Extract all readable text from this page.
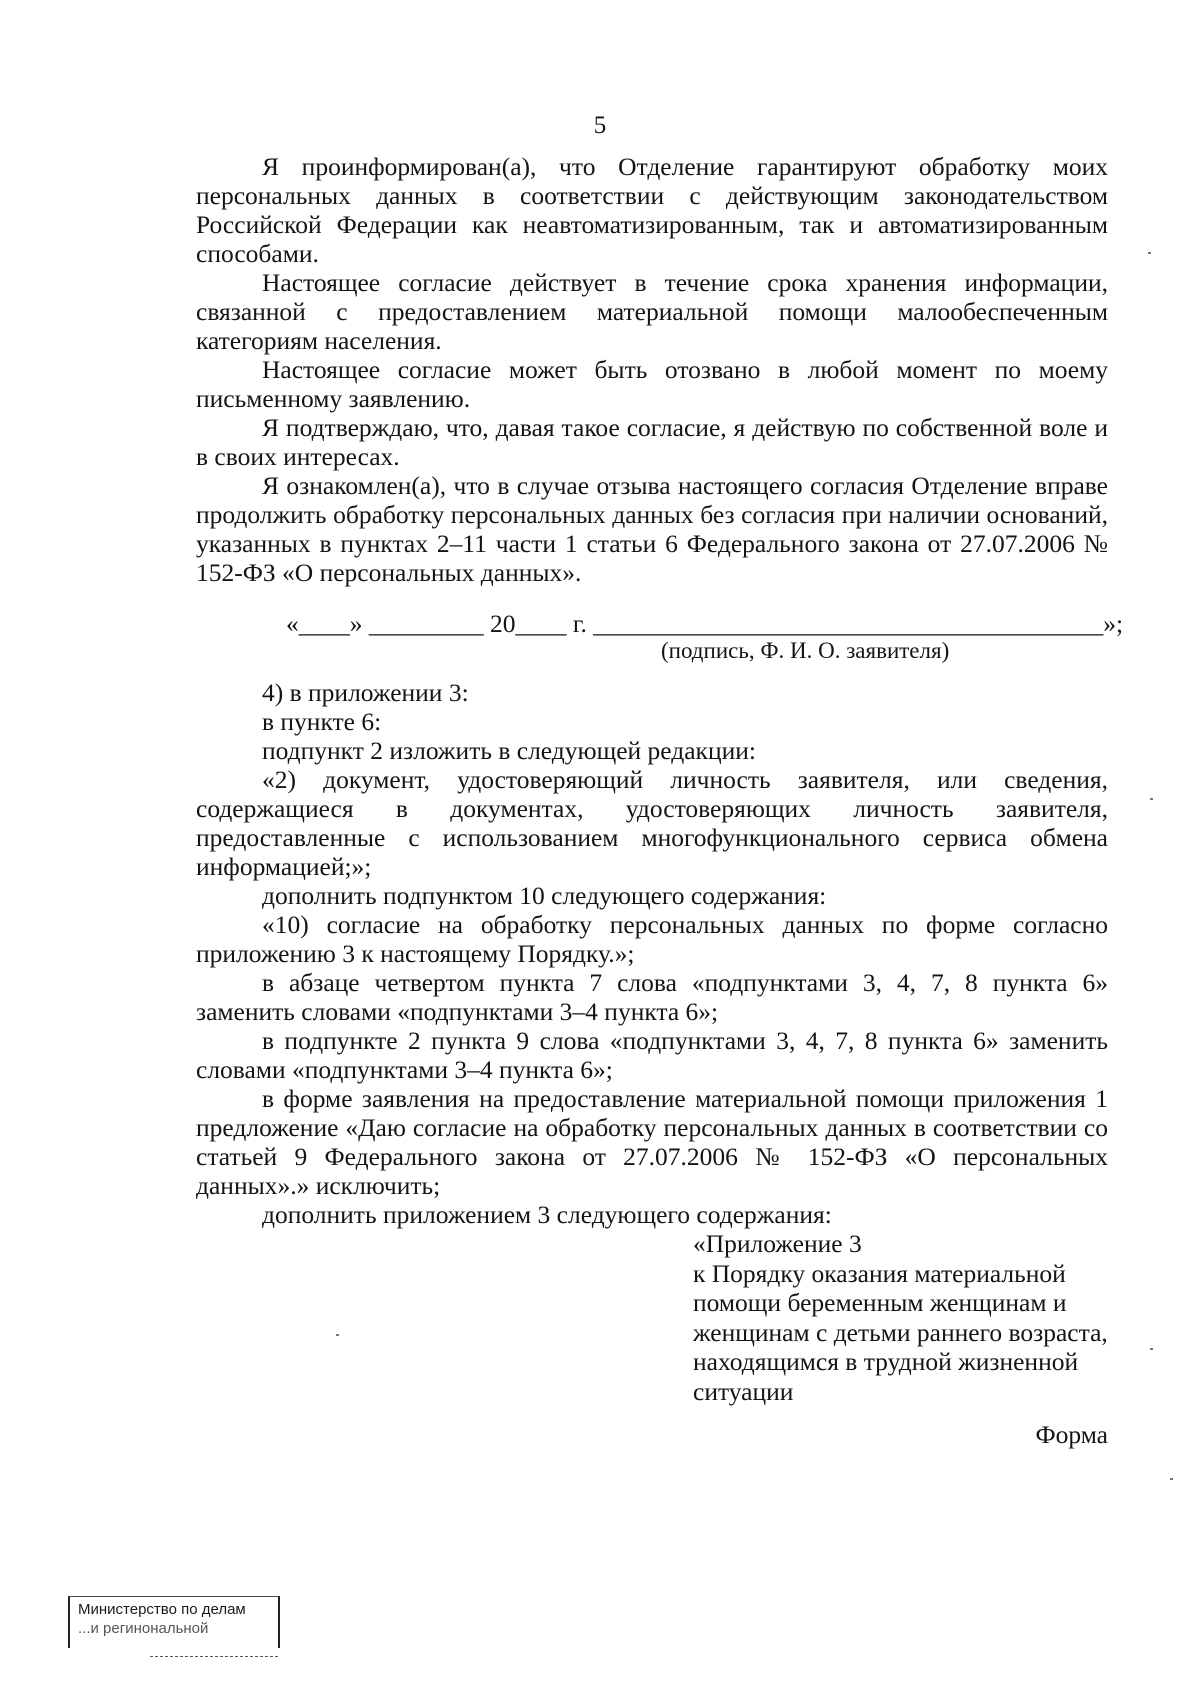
5

Я проинформирован(а), что Отделение гарантируют обработку моих персональных данных в соответствии с действующим законодательством Российской Федерации как неавтоматизированным, так и автоматизированным способами.

Настоящее согласие действует в течение срока хранения информации, связанной с предоставлением материальной помощи малообеспеченным категориям населения.

Настоящее согласие может быть отозвано в любой момент по моему письменному заявлению.

Я подтверждаю, что, давая такое согласие, я действую по собственной воле и в своих интересах.

Я ознакомлен(а), что в случае отзыва настоящего согласия Отделение вправе продолжить обработку персональных данных без согласия при наличии оснований, указанных в пунктах 2–11 части 1 статьи 6 Федерального закона от 27.07.2006 № 152-ФЗ «О персональных данных».

«____» _________ 20____ г. ________________________________________»;
(подпись, Ф. И. О. заявителя)

4) в приложении 3:

в пункте 6:

подпункт 2 изложить в следующей редакции:

«2) документ, удостоверяющий личность заявителя, или сведения, содержащиеся в документах, удостоверяющих личность заявителя, предоставленные с использованием многофункционального сервиса обмена информацией;»;

дополнить подпунктом 10 следующего содержания:

«10) согласие на обработку персональных данных по форме согласно приложению 3 к настоящему Порядку.»;

в абзаце четвертом пункта 7 слова «подпунктами 3, 4, 7, 8 пункта 6» заменить словами «подпунктами 3–4 пункта 6»;

в подпункте 2 пункта 9 слова «подпунктами 3, 4, 7, 8 пункта 6» заменить словами «подпунктами 3–4 пункта 6»;

в форме заявления на предоставление материальной помощи приложения 1 предложение «Даю согласие на обработку персональных данных в соответствии со статьей 9 Федерального закона от 27.07.2006 № 152-ФЗ «О персональных данных».» исключить;

дополнить приложением 3 следующего содержания:

«Приложение 3

к Порядку оказания материальной

помощи беременным женщинам и

женщинам с детьми раннего возраста,

находящимся в трудной жизненной

ситуации

Форма
Министерство по делам
...и регинональной
